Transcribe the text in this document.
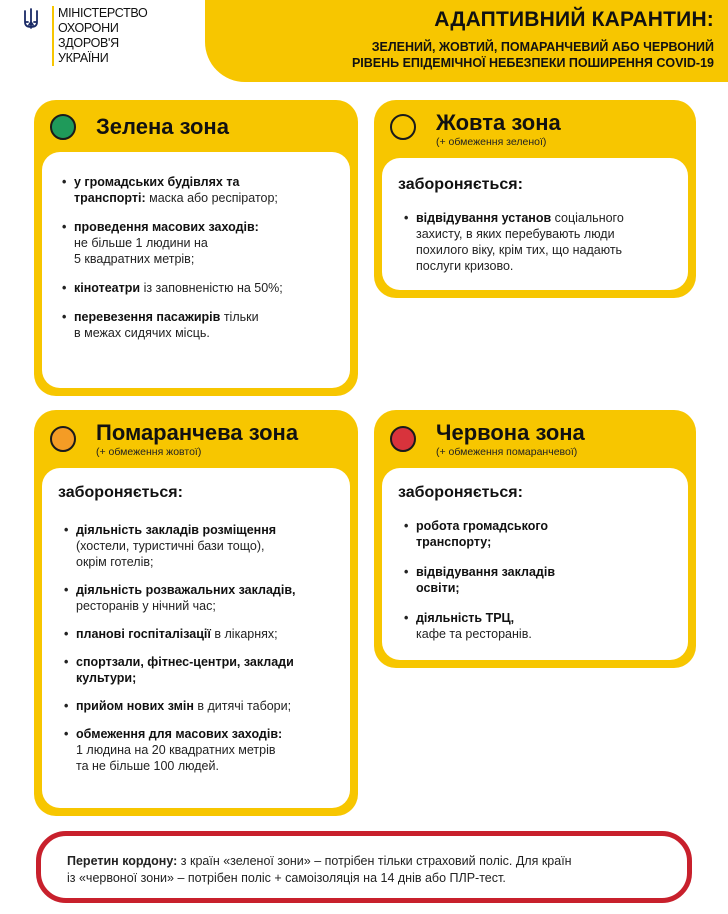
МІНІСТЕРСТВО
ОХОРОНИ
ЗДОРОВ'Я
УКРАЇНИ
АДАПТИВНИЙ КАРАНТИН:
ЗЕЛЕНИЙ, ЖОВТИЙ, ПОМАРАНЧЕВИЙ АБО ЧЕРВОНИЙ
РІВЕНЬ ЕПІДЕМІЧНОЇ НЕБЕЗПЕКИ ПОШИРЕННЯ COVID-19
Зелена зона
• у громадських будівлях та
транспорті: маска або респіратор;
• проведення масових заходів:
не більше 1 людини на
5 квадратних метрів;
• кінотеатри із заповненістю на 50%;
• перевезення пасажирів тільки
в межах сидячих місць.
Жовта зона
(+ обмеження зеленої)
забороняється:
• відвідування установ соціального
захисту, в яких перебувають люди
похилого віку, крім тих, що надають
послуги кризово.
Помаранчева зона
(+ обмеження жовтої)
забороняється:
• діяльність закладів розміщення
(хостели, туристичні бази тощо),
окрім готелів;
• діяльність розважальних закладів,
ресторанів у нічний час;
• планові госпіталізації в лікарнях;
• спортзали, фітнес-центри, заклади
культури;
• прийом нових змін в дитячі табори;
• обмеження для масових заходів:
1 людина на 20 квадратних метрів
та не більше 100 людей.
Червона зона
(+ обмеження помаранчевої)
забороняється:
• робота громадського
транспорту;
• відвідування закладів
освіти;
• діяльність ТРЦ,
кафе та ресторанів.
Перетин кордону: з країн «зеленої зони» – потрібен тільки страховий поліс. Для країн
із «червоної зони» – потрібен поліс + самоізоляція на 14 днів або ПЛР-тест.
